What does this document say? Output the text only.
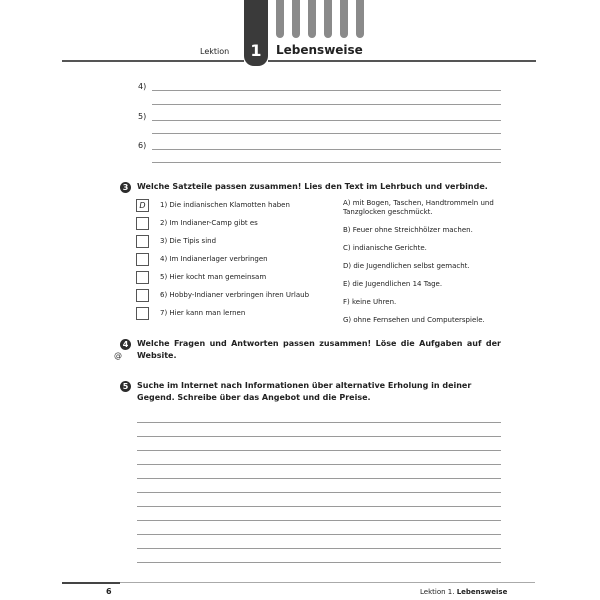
Lektion	1	Lebensweise
4)
5)
6)
3	Welche Satzteile passen zusammen! Lies den Text im Lehrbuch und verbinde.
D	1) Die indianischen Klamotten haben
2) Im Indianer-Camp gibt es
3) Die Tipis sind
4) Im Indianerlager verbringen
5) Hier kocht man gemeinsam
6) Hobby-Indianer verbringen ihren Urlaub
7) Hier kann man lernen
A) mit Bogen, Taschen, Handtrommeln und Tanzglocken geschmückt.
B) Feuer ohne Streichhölzer machen.
C) indianische Gerichte.
D) die Jugendlichen selbst gemacht.
E) die Jugendlichen 14 Tage.
F) keine Uhren.
G) ohne Fernsehen und Computerspiele.
4
@
Welche Fragen und Antworten passen zusammen! Löse die Aufgaben auf der Website.
5	Suche im Internet nach Informationen über alternative Erholung in deiner Gegend. Schreibe über das Angebot und die Preise.
6	Lektion 1. Lebensweise
